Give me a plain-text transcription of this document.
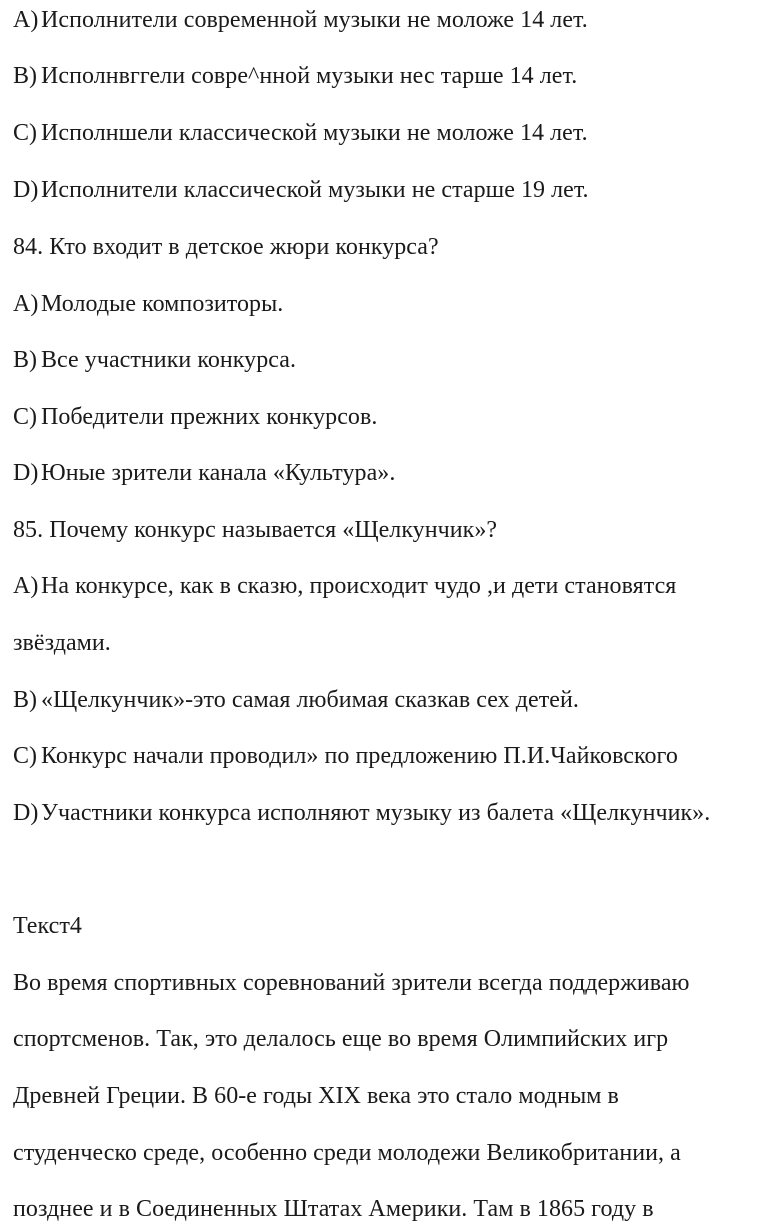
A) Исполнители современной музыки не моложе 14 лет.
B) Исполнвггели совре^нной музыки нес тарше 14 лет.
C) Исполншели классической музыки не моложе 14 лет.
D) Исполнители классической музыки не старше 19 лет.
84. Кто входит в детское жюри конкурса?
A) Молодые композиторы.
B) Все участники конкурса.
C) Победители прежних конкурсов.
D) Юные зрители канала «Культура».
85. Почему конкурс называется «Щелкунчик»?
A) На конкурсе, как в сказю, происходит чудо ,и дети становятся
звёздами.
B) «Щелкунчик»-это самая любимая сказкав сех детей.
C) Конкурс начали проводил» по предложению П.И.Чайковского
D) Участники конкурса исполняют музыку из балета «Щелкунчик».
Текст4
Во время спортивных соревнований зрители всегда поддерживаю
спортсменов. Так, это делалось еще во время Олимпийских игр
Древней Греции. В 60-е годы XIX века это стало модным в
студенческо среде, особенно среди молодежи Великобритании, а
позднее и в Соединенных Штатах Америки. Там в 1865 году в
